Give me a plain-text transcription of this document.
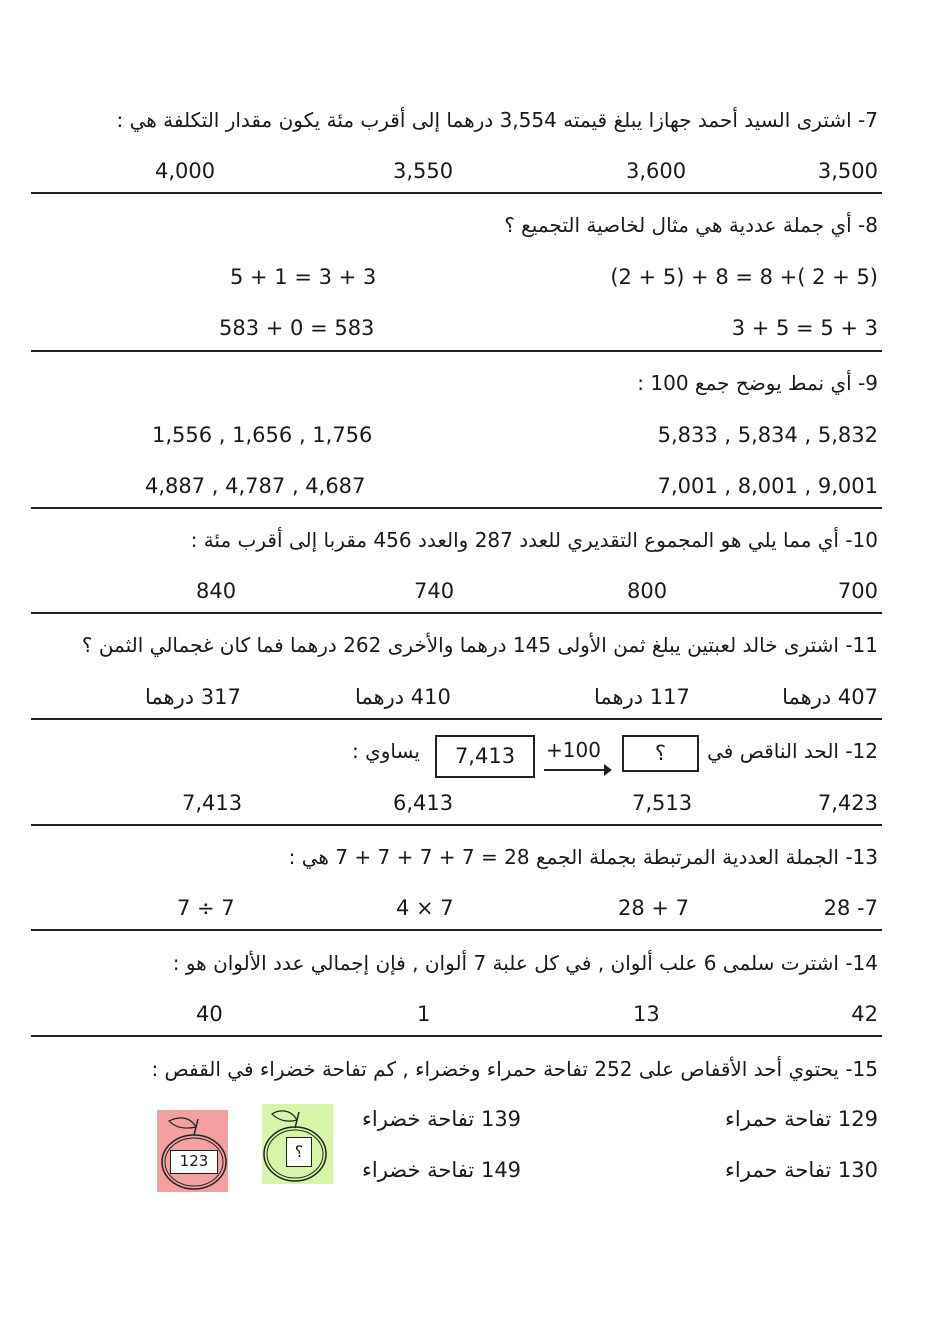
7- اشترى السيد أحمد جهازا يبلغ قيمته 3,554 درهما إلى أقرب مئة يكون مقدار التكلفة هي :
3,500
3,600
3,550
4,000
8- أي جملة عددية هي مثال لخاصية التجميع ؟
(2 + 5) + 8 = 8 +( 2 + 5)
5 + 1 = 3 + 3
3 + 5 = 5 + 3
583 + 0 = 583
9- أي نمط يوضح جمع 100 :
5,833 , 5,834 , 5,832
1,556 , 1,656 , 1,756
7,001 , 8,001 , 9,001
4,887 , 4,787 , 4,687
10- أي مما يلي هو المجموع التقديري للعدد 287 والعدد 456 مقربا إلى أقرب مئة :
700
800
740
840
11- اشترى خالد لعبتين يبلغ ثمن الأولى 145 درهما والأخرى 262 درهما فما كان غجمالي الثمن ؟
407 درهما
117 درهما
410 درهما
317 درهما
12- الحد الناقص في
؟
+100
7,413
يساوي :
7,423
7,513
6,413
7,413
13- الجملة العددية المرتبطة بجملة الجمع 28 = 7 + 7 + 7 + 7 هي :
28 -7
28 + 7
4 × 7
7 ÷ 7
14- اشترت سلمى 6 علب ألوان , في كل علبة 7 ألوان , فإن إجمالي عدد الألوان هو :
42
13
1
40
15- يحتوي أحد الأقفاص على 252 تفاحة حمراء وخضراء , كم تفاحة خضراء في القفص :
129 تفاحة حمراء
139 تفاحة خضراء
130 تفاحة حمراء
149 تفاحة خضراء
؟
123
